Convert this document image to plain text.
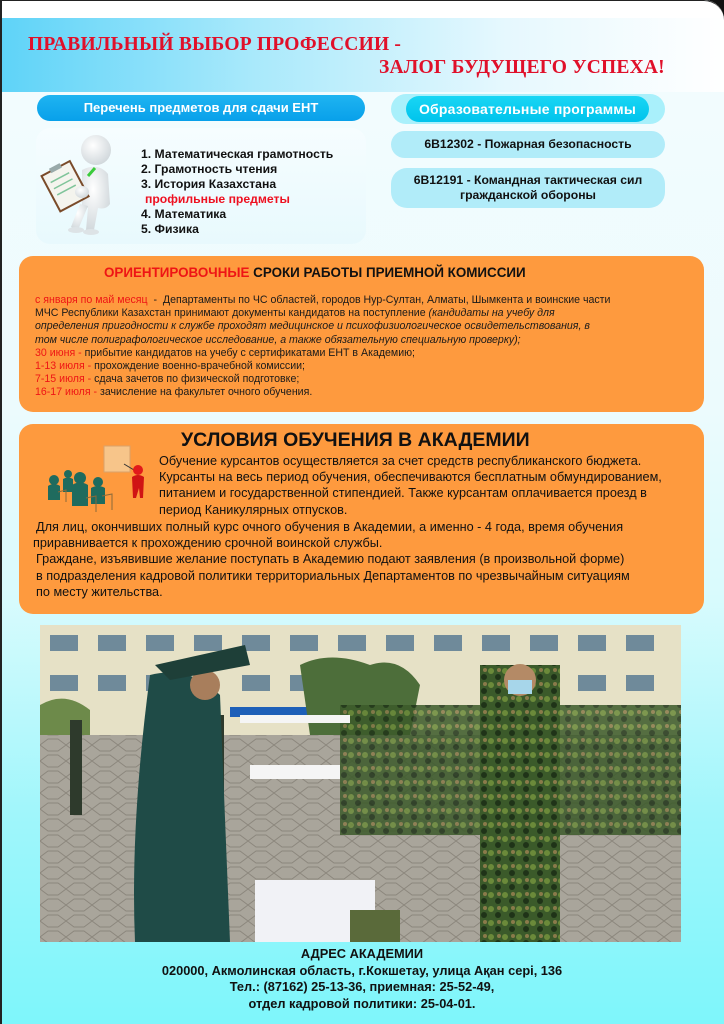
ПРАВИЛЬНЫЙ ВЫБОР ПРОФЕССИИ -
ЗАЛОГ БУДУЩЕГО УСПЕХА!
Перечень предметов для сдачи ЕНТ
1. Математическая грамотность
2. Грамотность чтения
3. История Казахстана
профильные предметы
4. Математика
5. Физика
Образовательные программы
6В12302 - Пожарная безопасность
6В12191 - Командная тактическая сил
гражданской обороны
ОРИЕНТИРОВОЧНЫЕ СРОКИ РАБОТЫ ПРИЕМНОЙ КОМИССИИ
с января по май месяц  -  Департаменты по ЧС областей, городов Нур-Султан, Алматы, Шымкента и воинские части
МЧС Республики Казахстан принимают документы кандидатов на поступление (кандидаты на учебу для
определения пригодности к службе проходят медицинское и психофизиологическое освидетельствования, в
том числе полиграфологическое исследование, а также обязательную специальную проверку);
30 июня - прибытие кандидатов на учебу с сертификатами ЕНТ в Академию;
1-13 июля - прохождение военно-врачебной комиссии;
7-15 июля - сдача зачетов по физической подготовке;
16-17 июля - зачисление на факультет очного обучения.
УСЛОВИЯ ОБУЧЕНИЯ В АКАДЕМИИ
Обучение курсантов осуществляется за счет средств республиканского бюджета.
Курсанты на весь период обучения, обеспечиваются бесплатным обмундированием,
питанием и государственной стипендией. Также курсантам оплачивается проезд в
период Каникулярных отпусков.
Для лиц, окончивших полный курс очного обучения в Академии, а именно - 4 года, время обучения
приравнивается к прохождению срочной воинской службы.
Граждане, изъявившие желание поступать в Академию подают заявления (в произвольной форме)
в подразделения кадровой политики территориальных Департаментов по чрезвычайным ситуациям
по месту жительства.
АДРЕС АКАДЕМИИ
020000, Акмолинская область, г.Кокшетау, улица Ақан серi, 136
Тел.: (87162) 25-13-36, приемная: 25-52-49,
отдел кадровой политики: 25-04-01.
